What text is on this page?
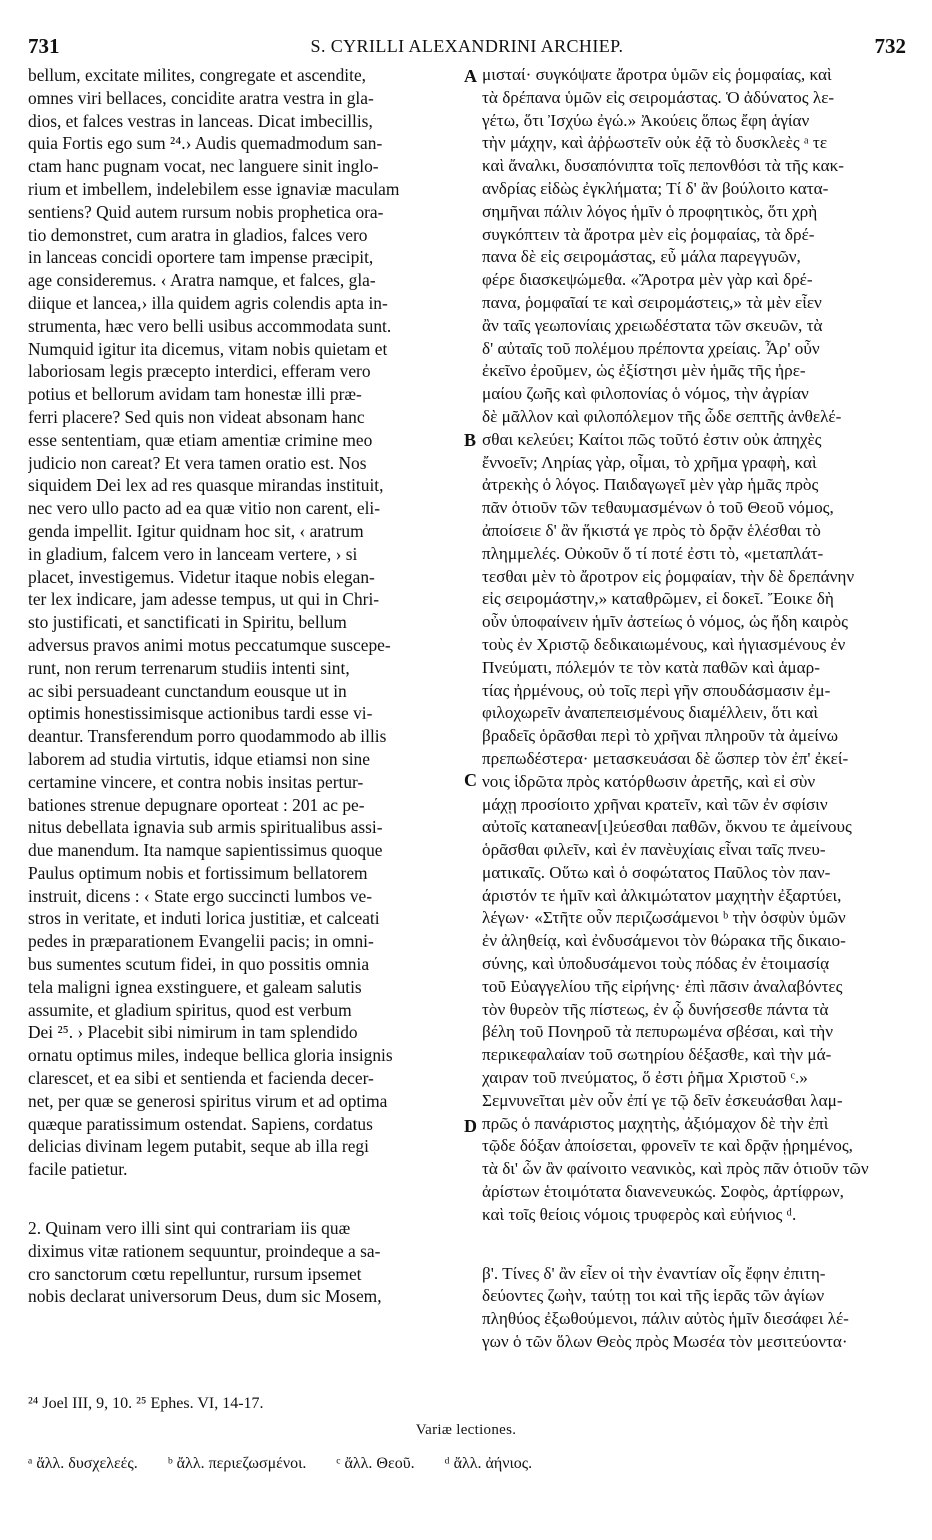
731	S. CYRILLI ALEXANDRINI ARCHIEP.	732
bellum, excitate milites, congregate et ascendite,
omnes viri bellaces, concidite aratra vestra in gla-
dios, et falces vestras in lanceas. Dicat imbecillis,
quia Fortis ego sum ²⁴.› Audis quemadmodum san-
ctam hanc pugnam vocat, nec languere sinit inglo-
rium et imbellem, indelebilem esse ignaviæ maculam
sentiens? Quid autem rursum nobis prophetica ora-
tio demonstret, cum aratra in gladios, falces vero
in lanceas concidi oportere tam impense præcipit,
age consideremus. ‹ Aratra namque, et falces, gla-
diique et lancea,› illa quidem agris colendis apta in-
strumenta, hæc vero belli usibus accommodata sunt.
Numquid igitur ita dicemus, vitam nobis quietam et
laboriosam legis præcepto interdici, efferam vero
potius et bellorum avidam tam honestæ illi præ-
ferri placere? Sed quis non videat absonam hanc
esse sententiam, quæ etiam amentiæ crimine meo
judicio non careat? Et vera tamen oratio est. Nos
siquidem Dei lex ad res quasque mirandas instituit,
nec vero ullo pacto ad ea quæ vitio non carent, eli-
genda impellit. Igitur quidnam hoc sit, ‹ aratrum
in gladium, falcem vero in lanceam vertere, › si
placet, investigemus. Videtur itaque nobis elegan-
ter lex indicare, jam adesse tempus, ut qui in Chri-
sto justificati, et sanctificati in Spiritu, bellum
adversus pravos animi motus peccatumque suscepe-
runt, non rerum terrenarum studiis intenti sint,
ac sibi persuadeant cunctandum eousque ut in
optimis honestissimisque actionibus tardi esse vi-
deantur. Transferendum porro quodammodo ab illis
laborem ad studia virtutis, idque etiamsi non sine
certamine vincere, et contra nobis insitas pertur-
bationes strenue depugnare oporteat : 201 ac pe-
nitus debellata ignavia sub armis spiritualibus assi-
due manendum. Ita namque sapientissimus quoque
Paulus optimum nobis et fortissimum bellatorem
instruit, dicens : ‹ State ergo succincti lumbos ve-
stros in veritate, et induti lorica justitiæ, et calceati
pedes in præparationem Evangelii pacis; in omni-
bus sumentes scutum fidei, in quo possitis omnia
tela maligni ignea exstinguere, et galeam salutis
assumite, et gladium spiritus, quod est verbum
Dei ²⁵. › Placebit sibi nimirum in tam splendido
ornatu optimus miles, indeque bellica gloria insignis
clarescet, et ea sibi et sentienda et facienda decer-
net, per quæ se generosi spiritus virum et ad optima
quæque paratissimum ostendat. Sapiens, cordatus
delicias divinam legem putabit, seque ab illa regi
facile patietur.
2. Quinam vero illi sint qui contrariam iis quæ
diximus vitæ rationem sequuntur, proindeque a sa-
cro sanctorum cœtu repelluntur, rursum ipsemet
nobis declarat universorum Deus, dum sic Mosem,
μισταί· συγκόψατε ἄροτρα ὑμῶν εἰς ῥομφαίας, καὶ
τὰ δρέπανα ὑμῶν εἰς σειρομάστας. Ὁ ἀδύνατος λε-
γέτω, ὅτι Ἰσχύω ἐγώ.» Ἀκούεις ὅπως ἔφη ἁγίαν
τὴν μάχην, καὶ ἀῤῥωστεῖν οὐκ ἐᾷ τὸ δυσκλεὲς ᵃ τε
καὶ ἄναλκι, δυσαπόνιπτα τοῖς πεπονθόσι τὰ τῆς κακ-
ανδρίας εἰδὼς ἐγκλήματα; Τί δ' ἂν βούλοιτο κατα-
σημῆναι πάλιν λόγος ἡμῖν ὁ προφητικὸς, ὅτι χρὴ
συγκόπτειν τὰ ἄροτρα μὲν εἰς ῥομφαίας, τὰ δρέ-
πανα δὲ εἰς σειρομάστας, εὖ μάλα παρεγγυῶν,
φέρε διασκεψώμεθα. «Ἄροτρα μὲν γὰρ καὶ δρέ-
πανα, ῥομφαῖαί τε καὶ σειρομάστεις,» τὰ μὲν εἶεν
ἂν ταῖς γεωπονίαις χρειωδέστατα τῶν σκευῶν, τὰ
δ' αὐταῖς τοῦ πολέμου πρέποντα χρείαις. Ἆρ' οὖν
ἐκεῖνο ἐροῦμεν, ὡς ἐξίστησι μὲν ἡμᾶς τῆς ἠρε-
μαίου ζωῆς καὶ φιλοπονίας ὁ νόμος, τὴν ἀγρίαν
δὲ μᾶλλον καὶ φιλοπόλεμον τῆς ὧδε σεπτῆς ἀνθελέ-
σθαι κελεύει; Καίτοι πῶς τοῦτό ἐστιν οὐκ ἀπηχὲς
ἔννοεῖν; Ληρίας γὰρ, οἶμαι, τὸ χρῆμα γραφὴ, καὶ
ἀτρεκὴς ὁ λόγος. Παιδαγωγεῖ μὲν γὰρ ἡμᾶς πρὸς
πᾶν ὁτιοῦν τῶν τεθαυμασμένων ὁ τοῦ Θεοῦ νόμος,
ἀποίσειε δ' ἂν ἥκιστά γε πρὸς τὸ δρᾷν ἑλέσθαι τὸ
πλημμελές. Οὐκοῦν ὅ τί ποτέ ἐστι τὸ, «μεταπλάτ-
τεσθαι μὲν τὸ ἄροτρον εἰς ῥομφαίαν, τὴν δὲ δρεπάνην
εἰς σειρομάστην,» καταθρῶμεν, εἰ δοκεῖ. Ἔοικε δὴ
οὖν ὑποφαίνειν ἡμῖν ἀστείως ὁ νόμος, ὡς ἤδη καιρὸς
τοὺς ἐν Χριστῷ δεδικαιωμένους, καὶ ἡγιασμένους ἐν
Πνεύματι, πόλεμόν τε τὸν κατὰ παθῶν καὶ ἁμαρ-
τίας ἠρμένους, οὐ τοῖς περὶ γῆν σπουδάσμασιν ἐμ-
φιλοχωρεῖν ἀναπεπεισμένους διαμέλλειν, ὅτι καὶ
βραδεῖς ὁρᾶσθαι περὶ τὸ χρῆναι πληροῦν τὰ ἀμείνω
πρεπωδέστερα· μετασκευάσαι δὲ ὥσπερ τὸν ἐπ' ἐκεί-
νοις ἱδρῶτα πρὸς κατόρθωσιν ἀρετῆς, καὶ εἰ σὺν
μάχῃ προσίοιτο χρῆναι κρατεῖν, καὶ τῶν ἐν σφίσιν
αὐτοῖς καταneαν[ι]εύεσθαι παθῶν, ὄκνου τε ἀμείνους
ὁρᾶσθαι φιλεῖν, καὶ ἐν πανὲυχίαις εἶναι ταῖς πνευ-
ματικαῖς. Οὕτω καὶ ὁ σοφώτατος Παῦλος τὸν παν-
άριστόν τε ἡμῖν καὶ ἀλκιμώτατον μαχητὴν ἐξαρτύει,
λέγων· «Στῆτε οὖν περιζωσάμενοι ᵇ τὴν ὀσφὺν ὑμῶν
ἐν ἀληθείᾳ, καὶ ἐνδυσάμενοι τὸν θώρακα τῆς δικαιο-
σύνης, καὶ ὑποδυσάμενοι τοὺς πόδας ἐν ἑτοιμασίᾳ
τοῦ Εὐαγγελίου τῆς εἰρήνης· ἐπὶ πᾶσιν ἀναλαβόντες
τὸν θυρεὸν τῆς πίστεως, ἐν ᾧ δυνήσεσθε πάντα τὰ
βέλη τοῦ Πονηροῦ τὰ πεπυρωμένα σβέσαι, καὶ τὴν
περικεφαλαίαν τοῦ σωτηρίου δέξασθε, καὶ τὴν μά-
χαιραν τοῦ πνεύματος, ὅ ἐστι ῥῆμα Χριστοῦ ᶜ.»
Σεμνυνεῖται μὲν οὖν ἐπί γε τῷ δεῖν ἐσκευάσθαι λαμ-
πρῶς ὁ πανάριστος μαχητὴς, ἀξιόμαχον δὲ τὴν ἐπὶ
τῷδε δόξαν ἀποίσεται, φρονεῖν τε καὶ δρᾷν ᾑρημένος,
τὰ δι' ὧν ἂν φαίνοιτο νεανικὸς, καὶ πρὸς πᾶν ὁτιοῦν τῶν
ἀρίστων ἑτοιμότατα διανενευκώς. Σοφὸς, ἀρτίφρων,
καὶ τοῖς θείοις νόμοις τρυφερὸς καὶ εὐήνιος ᵈ.
β'. Τίνες δ' ἂν εἶεν οἱ τὴν ἐναντίαν οἷς ἔφην ἐπιτη-
δεύοντες ζωὴν, ταύτῃ τοι καὶ τῆς ἱερᾶς τῶν ἁγίων
πληθύος ἐξωθούμενοι, πάλιν αὐτὸς ἡμῖν διεσάφει λέ-
γων ὁ τῶν ὅλων Θεὸς πρὸς Μωσέα τὸν μεσιτεύοντα·
A
B
C
D
²⁴ Joel III, 9, 10. ²⁵ Ephes. VI, 14-17.
Variæ lectiones.
ᵃ ἄλλ. δυσχελεές. ᵇ ἄλλ. περιεζωσμένοι. ᶜ ἄλλ. Θεοῦ. ᵈ ἄλλ. ἀήνιος.
